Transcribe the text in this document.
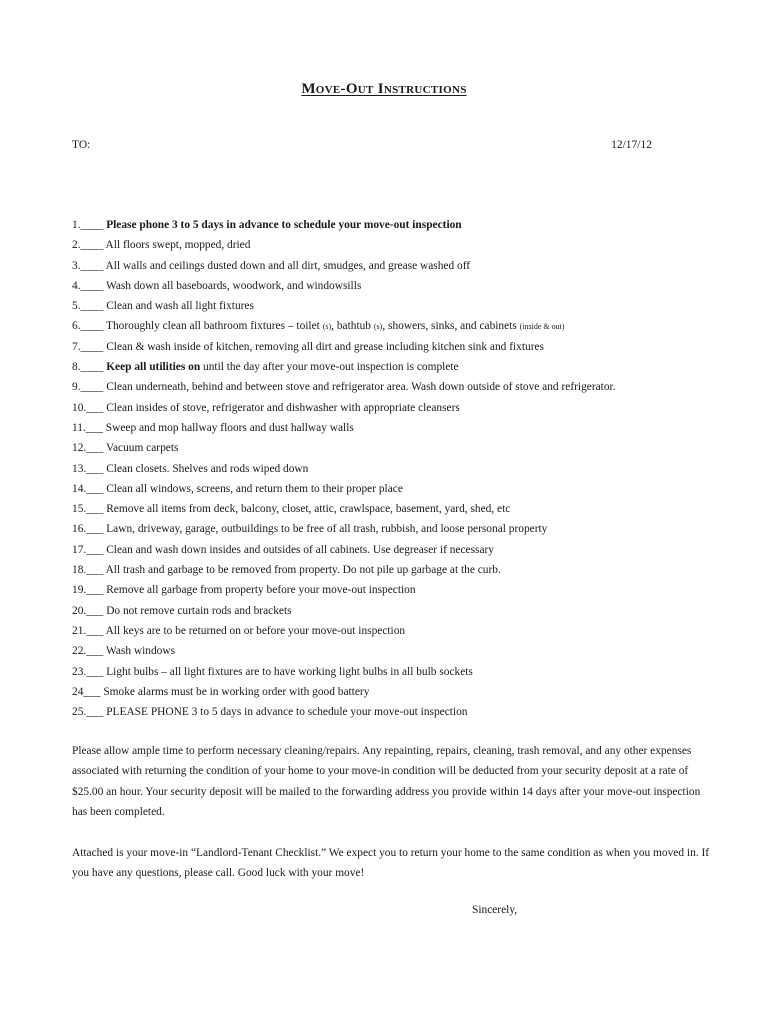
Move-Out Instructions
TO:	12/17/12
1.____ Please phone 3 to 5 days in advance to schedule your move-out inspection
2.____ All floors swept, mopped, dried
3.____ All walls and ceilings dusted down and all dirt, smudges, and grease washed off
4.____ Wash down all baseboards, woodwork, and windowsills
5.____ Clean and wash all light fixtures
6.____ Thoroughly clean all bathroom fixtures – toilet (s), bathtub (s), showers, sinks, and cabinets (inside & out)
7.____ Clean & wash inside of kitchen, removing all dirt and grease including kitchen sink and fixtures
8.____ Keep all utilities on until the day after your move-out inspection is complete
9.____ Clean underneath, behind and between stove and refrigerator area. Wash down outside of stove and refrigerator.
10.___ Clean insides of stove, refrigerator and dishwasher with appropriate cleansers
11.___ Sweep and mop hallway floors and dust hallway walls
12.___ Vacuum carpets
13.___ Clean closets. Shelves and rods wiped down
14.___ Clean all windows, screens, and return them to their proper place
15.___ Remove all items from deck, balcony, closet, attic, crawlspace, basement, yard, shed, etc
16.___ Lawn, driveway, garage, outbuildings to be free of all trash, rubbish, and loose personal property
17.___ Clean and wash down insides and outsides of all cabinets. Use degreaser if necessary
18.___ All trash and garbage to be removed from property. Do not pile up garbage at the curb.
19.___ Remove all garbage from property before your move-out inspection
20.___ Do not remove curtain rods and brackets
21.___ All keys are to be returned on or before your move-out inspection
22.___ Wash windows
23.___ Light bulbs – all light fixtures are to have working light bulbs in all bulb sockets
24___ Smoke alarms must be in working order with good battery
25.___ PLEASE PHONE 3 to 5 days in advance to schedule your move-out inspection

Please allow ample time to perform necessary cleaning/repairs. Any repainting, repairs, cleaning, trash removal, and any other expenses associated with returning the condition of your home to your move-in condition will be deducted from your security deposit at a rate of $25.00 an hour. Your security deposit will be mailed to the forwarding address you provide within 14 days after your move-out inspection has been completed.

Attached is your move-in “Landlord-Tenant Checklist.” We expect you to return your home to the same condition as when you moved in. If you have any questions, please call. Good luck with your move!

Sincerely,
